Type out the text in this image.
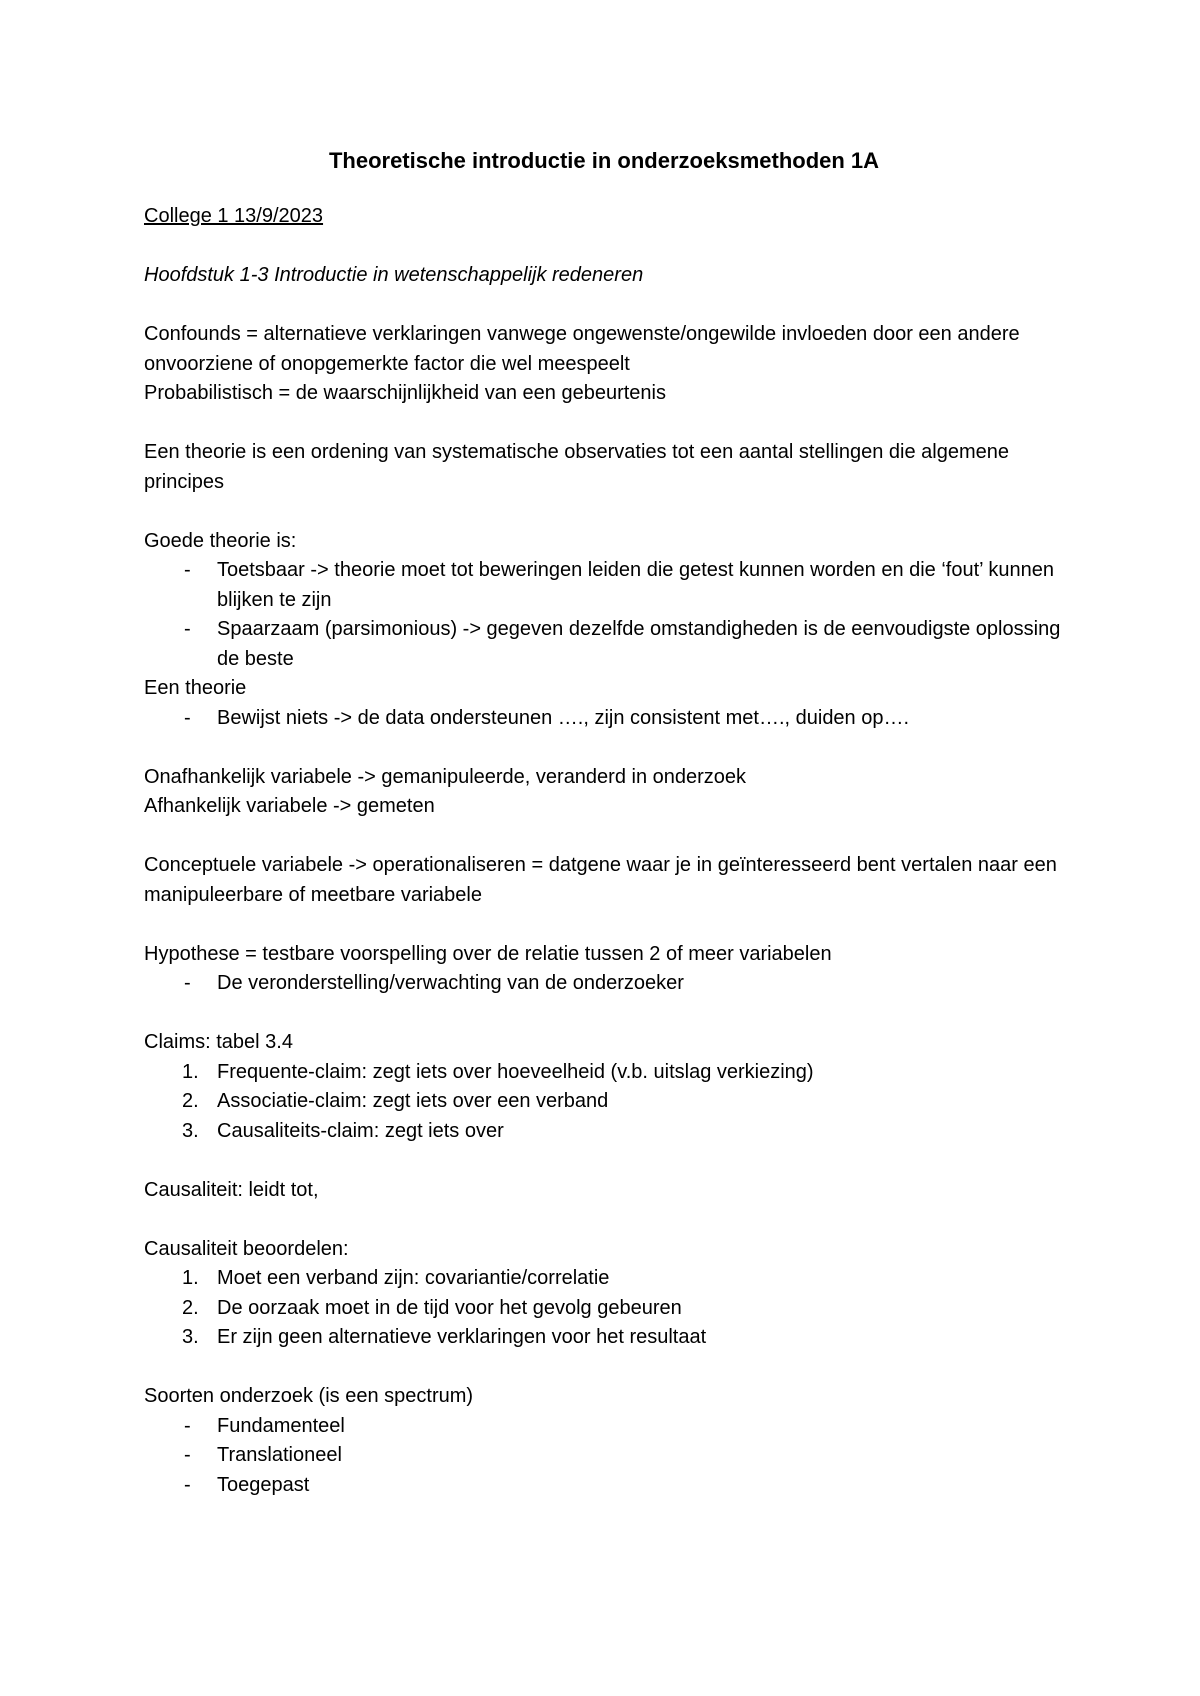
Theoretische introductie in onderzoeksmethoden 1A

College 1 13/9/2023

Hoofdstuk 1-3 Introductie in wetenschappelijk redeneren

Confounds = alternatieve verklaringen vanwege ongewenste/ongewilde invloeden door een andere onvoorziene of onopgemerkte factor die wel meespeelt

Probabilistisch = de waarschijnlijkheid van een gebeurtenis

Een theorie is een ordening van systematische observaties tot een aantal stellingen die algemene principes

Goede theorie is:

- Toetsbaar -> theorie moet tot beweringen leiden die getest kunnen worden en die ‘fout’ kunnen blijken te zijn
- Spaarzaam (parsimonious) -> gegeven dezelfde omstandigheden is de eenvoudigste oplossing de beste

Een theorie

- Bewijst niets -> de data ondersteunen …., zijn consistent met…., duiden op….

Onafhankelijk variabele -> gemanipuleerde, veranderd in onderzoek

Afhankelijk variabele -> gemeten

Conceptuele variabele -> operationaliseren = datgene waar je in geïnteresseerd bent vertalen naar een manipuleerbare of meetbare variabele

Hypothese = testbare voorspelling over de relatie tussen 2 of meer variabelen

- De veronderstelling/verwachting van de onderzoeker

Claims: tabel 3.4

1. Frequente-claim: zegt iets over hoeveelheid (v.b. uitslag verkiezing)
2. Associatie-claim: zegt iets over een verband
3. Causaliteits-claim: zegt iets over

Causaliteit: leidt tot,

Causaliteit beoordelen:

1. Moet een verband zijn: covariantie/correlatie
2. De oorzaak moet in de tijd voor het gevolg gebeuren
3. Er zijn geen alternatieve verklaringen voor het resultaat

Soorten onderzoek (is een spectrum)

- Fundamenteel
- Translationeel
- Toegepast
